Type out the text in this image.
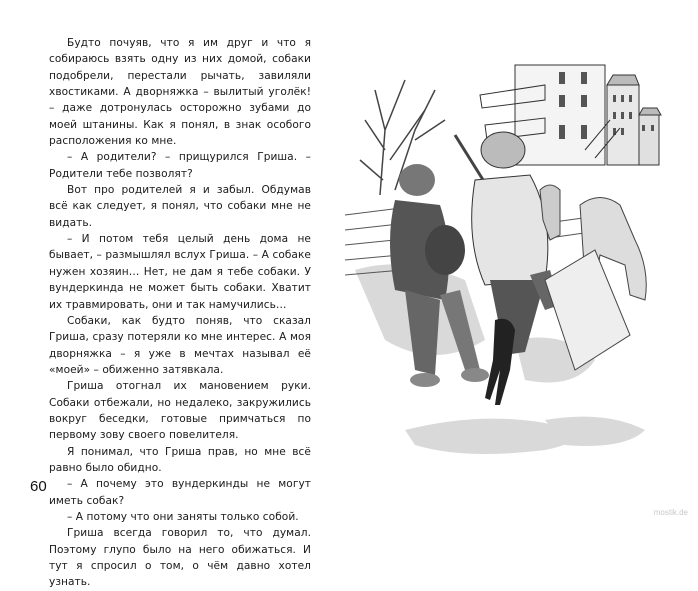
Будто почуяв, что я им друг и что я собираюсь взять одну из них домой, собаки подобрели, перестали рычать, завиляли хвостиками. А дворняжка – вылитый уголёк! – даже дотронулась осторожно зубами до моей штанины. Как я понял, в знак особого расположения ко мне.

– А родители? – прищурился Гриша. – Родители тебе позволят?

Вот про родителей я и забыл. Обдумав всё как следует, я понял, что собаки мне не видать.

– И потом тебя целый день дома не бывает, – размышлял вслух Гриша. – А собаке нужен хозяин… Нет, не дам я тебе собаки. У вундеркинда не может быть собаки. Хватит их травмировать, они и так намучились…

Собаки, как будто поняв, что сказал Гриша, сразу потеряли ко мне интерес. А моя дворняжка – я уже в мечтах называл её «моей» – обиженно затявкала.

Гриша отогнал их мановением руки. Собаки отбежали, но недалеко, закружились вокруг беседки, готовые примчаться по первому зову своего повелителя.

Я понимал, что Гриша прав, но мне всё равно было обидно.

– А почему это вундеркинды не могут иметь собак?

– А потому что они заняты только собой.

Гриша всегда говорил то, что думал. Поэтому глупо было на него обижаться. И тут я спросил о том, о чём давно хотел узнать.

60
mostik.de
